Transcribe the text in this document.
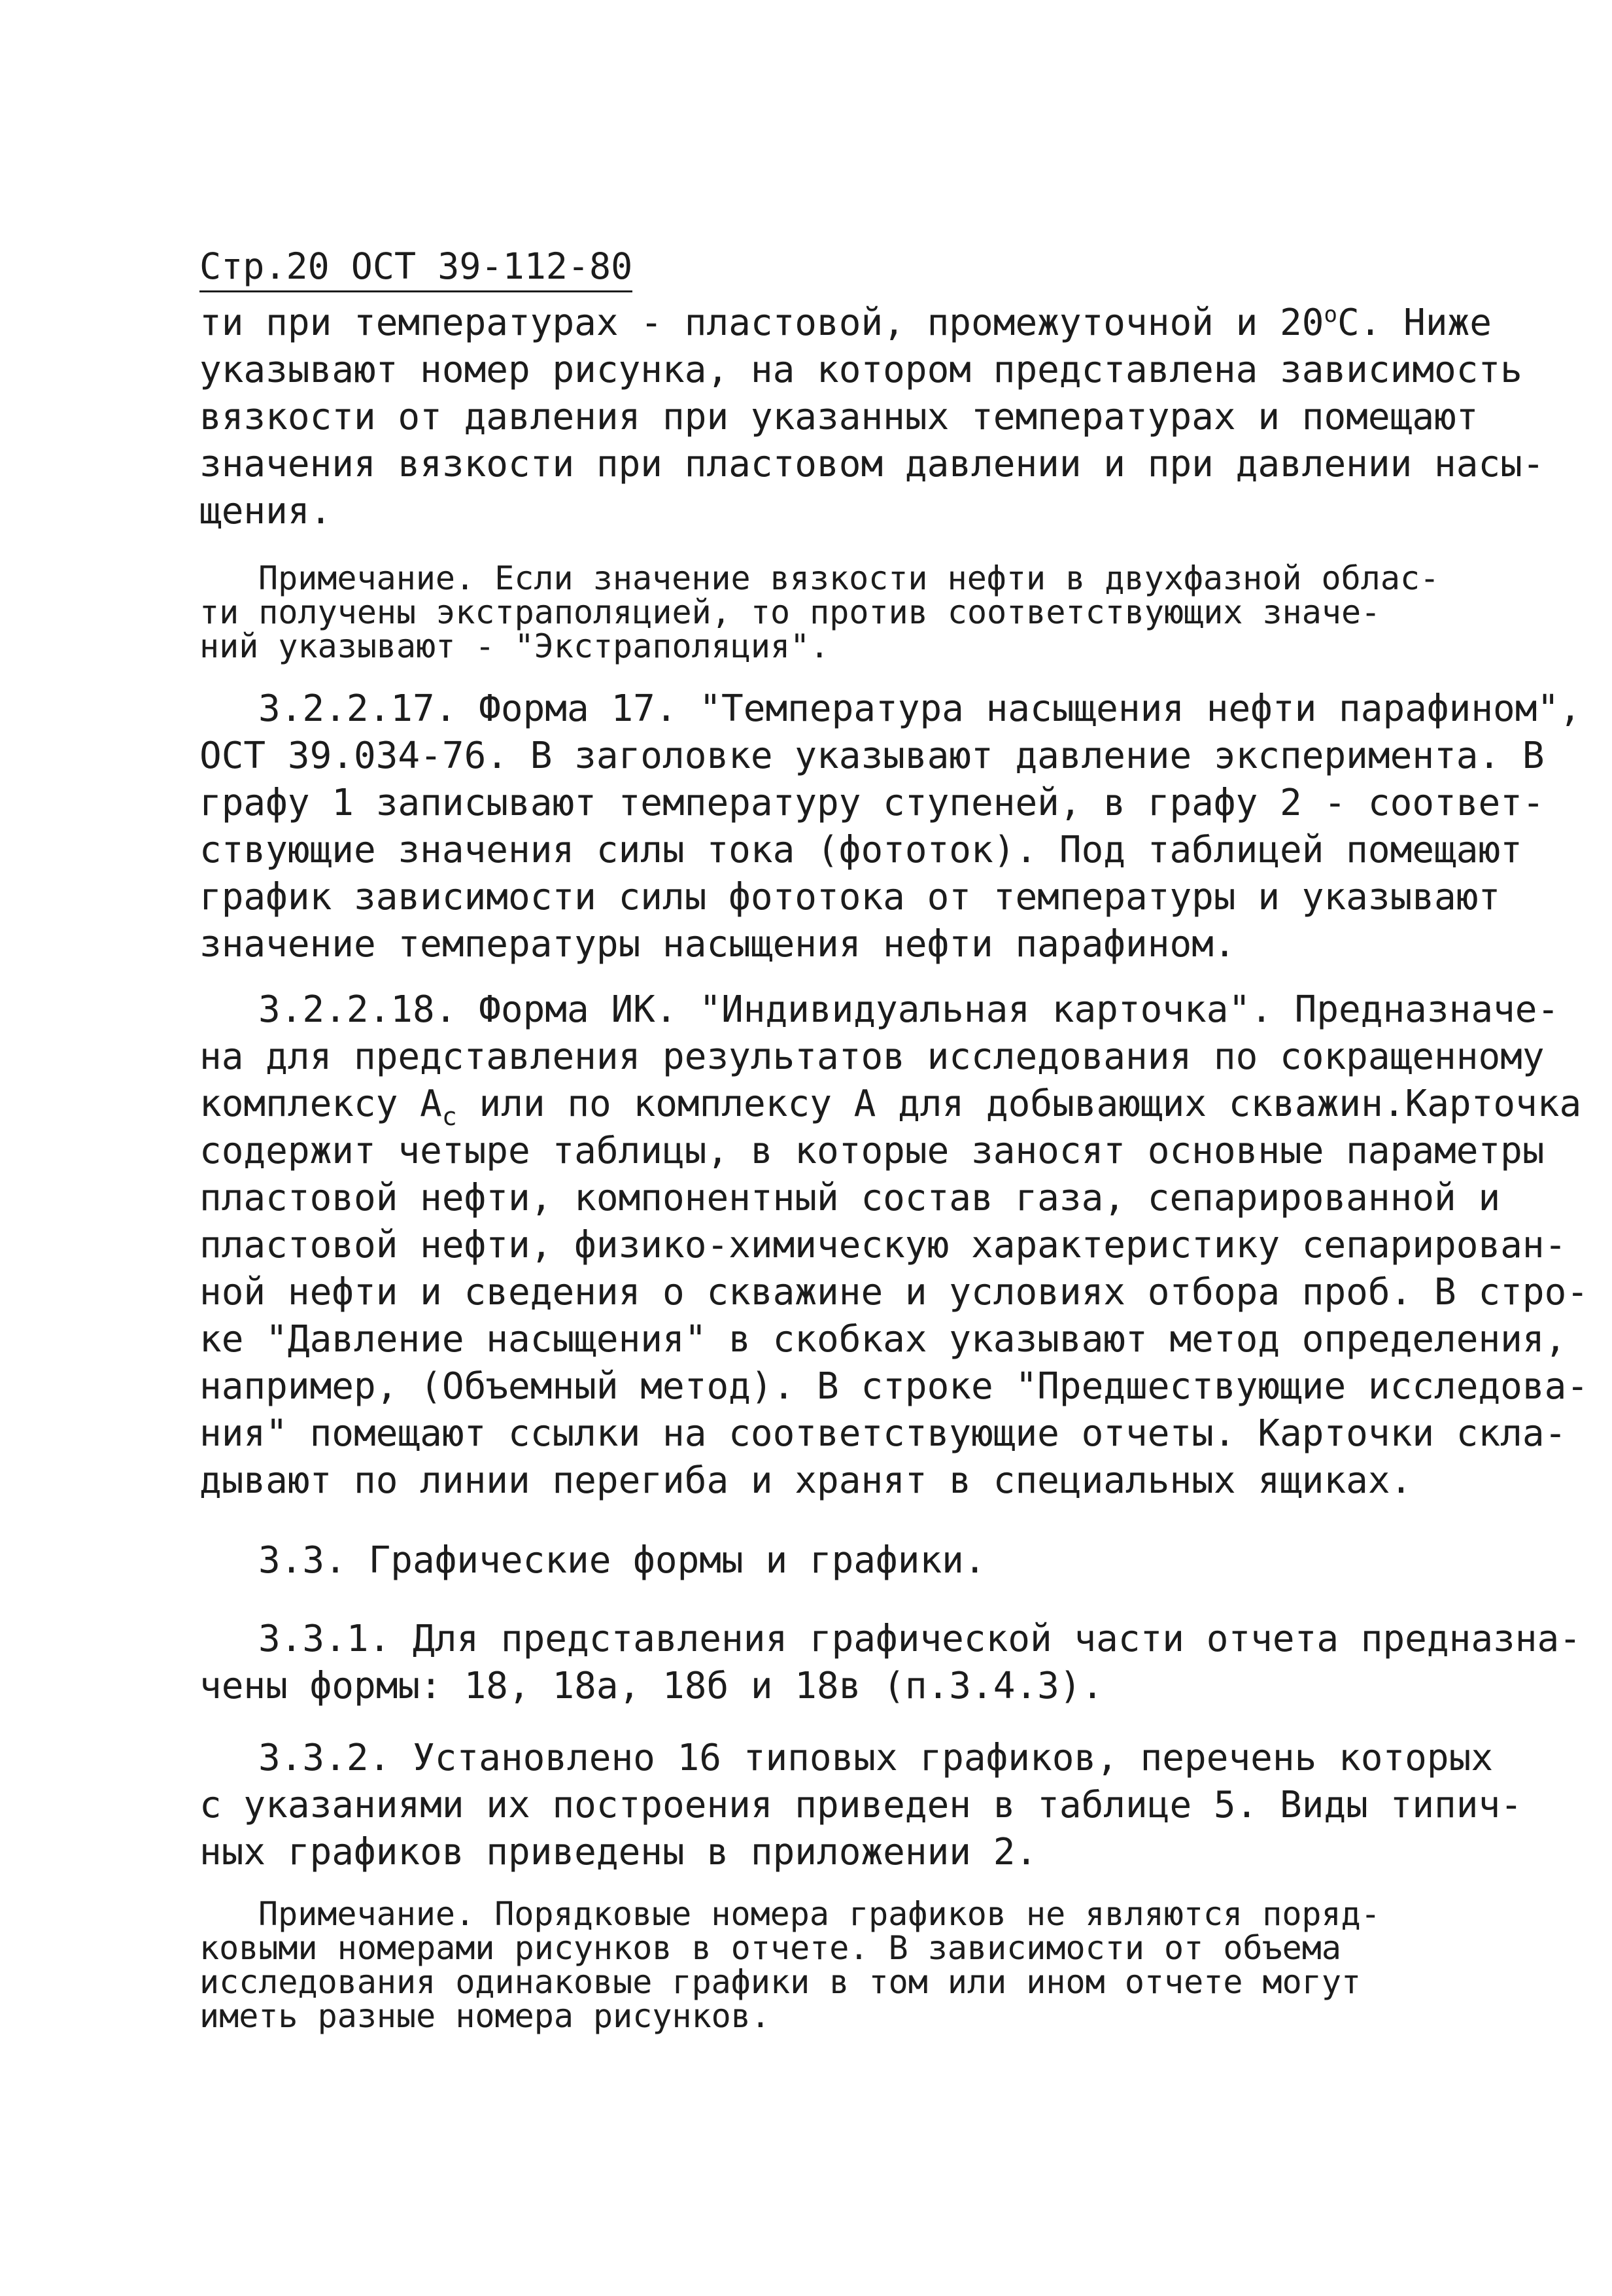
Стр.20 ОСТ 39-112-80
ти при температурах - пластовой, промежуточной и $20^оС$. Ниже
указывают номер рисунка, на котором представлена зависимость
вязкости от давления при указанных температурах и помещают
значения вязкости при пластовом давлении и при давлении насы-
щения.
Примечание. Если значение вязкости нефти в двухфазной облас-
ти получены экстраполяцией, то против соответствующих значе-
ний указывают - "Экстраполяция".
3.2.2.17. Форма 17. "Температура насыщения нефти парафином",
ОСТ 39.034-76. В заголовке указывают давление эксперимента. В
графу 1 записывают температуру ступеней, в графу 2 - соответ-
ствующие значения силы тока (фототок). Под таблицей помещают
график зависимости силы фототока от температуры и указывают
значение температуры насыщения нефти парафином.
3.2.2.18. Форма ИК. "Индивидуальная карточка". Предназначе-
на для представления результатов исследования по сокращенному
комплексу $А_с$ или по комплексу А для добывающих скважин.Карточка
содержит четыре таблицы, в которые заносят основные параметры
пластовой нефти, компонентный состав газа, сепарированной и
пластовой нефти, физико-химическую характеристику сепарирован-
ной нефти и сведения о скважине и условиях отбора проб. В стро-
ке "Давление насыщения" в скобках указывают метод определения,
например, (Объемный метод). В строке "Предшествующие исследова-
ния" помещают ссылки на соответствующие отчеты. Карточки скла-
дывают по линии перегиба и хранят в специальных ящиках.
3.3. Графические формы и графики.
3.3.1. Для представления графической части отчета предназна-
чены формы: 18, 18а, 18б и 18в (п.3.4.3).
3.3.2. Установлено 16 типовых графиков, перечень которых
с указаниями их построения приведен в таблице 5. Виды типич-
ных графиков приведены в приложении 2.
Примечание. Порядковые номера графиков не являются поряд-
ковыми номерами рисунков в отчете. В зависимости от объема
исследования одинаковые графики в том или ином отчете могут
иметь разные номера рисунков.
